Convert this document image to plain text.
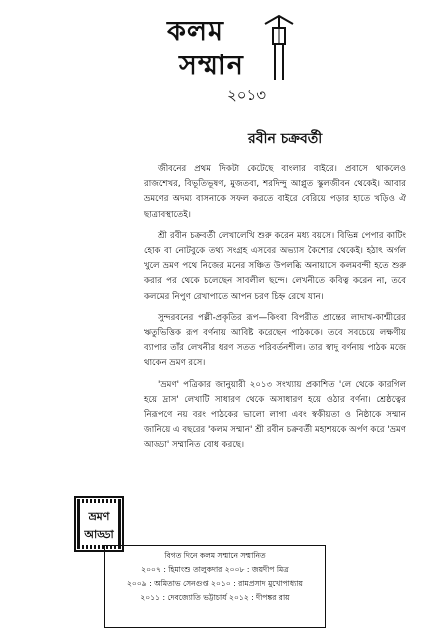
কলম
সম্মান
২০১৩
রবীন চক্রবর্তী

জীবনের প্রথম দিকটা কেটেছে বাংলার বাইরে। প্রবাসে থাকলেও রাজশেখর, বিভূতিভূষণ, মুজতবা, শরদিন্দু আপ্লুত স্কুলজীবন থেকেই। আবার ভ্রমণের অদম্য বাসনাকে সফল করতে বাইরে বেরিয়ে পড়ার হাতে খড়িও ঐ ছাত্রাবস্থাতেই।

শ্রী রবীন চক্রবর্তী লেখালেখি শুরু করেন মধ্য বয়সে। বিভিন্ন পেপার কাটিং হোক বা নোটবুকে তথ্য সংগ্রহ এসবের অভ্যাস কৈশোর থেকেই। হঠাৎ অর্গল খুলে ভ্রমণ পথে নিজের মনের সঞ্চিত উপলব্ধি অনায়াসে কলমবন্দী হতে শুরু করার পর থেকে চলেছেন সাবলীল ছন্দে। লেখনীতে কবিত্ব করেন না, তবে কলমের নিপুণ রেখাপাতে আপন চরণ চিহ্ন রেখে যান।

সুন্দরবনের পল্লী-প্রকৃতির রূপ—কিংবা বিপরীত প্রান্তের লাদাখ-কাশ্মীরের ঋতুভিত্তিক রূপ বর্ণনায় আবিষ্ট করেছেন পাঠককে। তবে সবচেয়ে লক্ষণীয় ব্যাপার তাঁর লেখনীর ধরণ সতত পরিবর্তনশীল। তার স্বাদু বর্ণনায় পাঠক মজে থাকেন ভ্রমণ রসে।

'ভ্রমণ' পত্রিকার জানুয়ারী ২০১৩ সংখ্যায় প্রকাশিত 'লে থেকে কারগিল হয়ে দ্রাস' লেখাটি সাধারণ থেকে অসাধারণ হয়ে ওঠার বর্ণনা। শ্রেষ্ঠত্বের নিরূপণে নয় বরং পাঠকের ভালো লাগা এবং স্বকীয়তা ও নিষ্ঠাকে সম্মান জানিয়ে এ বছরের 'কলম সম্মান' শ্রী রবীন চক্রবর্তী মহাশয়কে অর্পণ করে 'ভ্রমণ আড্ডা' সম্মানিত বোধ করছে।

ভ্রমণ
আড্ডা
বিগত দিনে কলম সম্মানে সম্মানিত
২০০৭ : হিমাংশু তালুকদার ২০০৮ : জয়দীপ মিত্র
২০০৯ : অমিতাভ সেনগুপ্ত ২০১০ : রামপ্রসাদ মুখোপাধ্যায়
২০১১ : দেবজ্যোতি ভট্টাচার্য ২০১২ : দীপঙ্কর রায়
